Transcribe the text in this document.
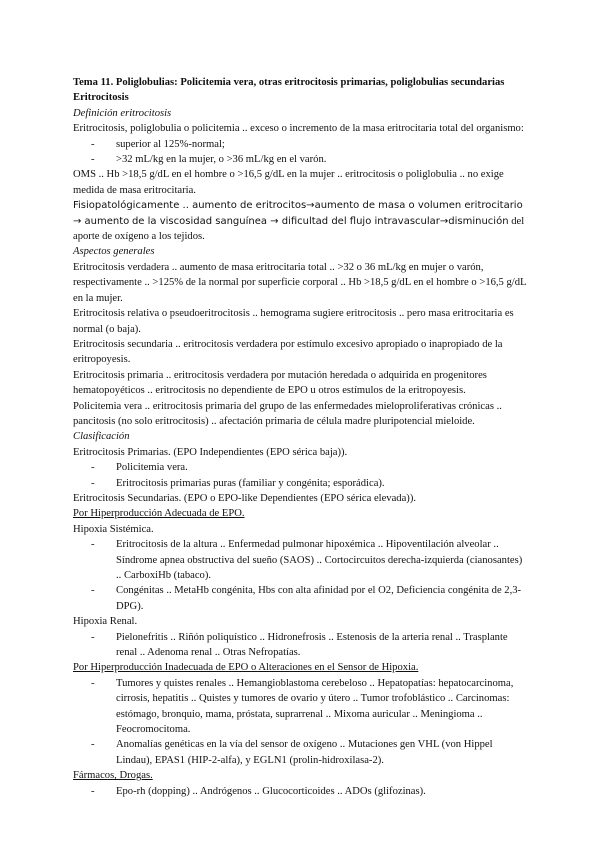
Tema 11. Poliglobulias: Policitemia vera, otras eritrocitosis primarias, poliglobulias secundarias

Eritrocitosis

Definición eritrocitosis

Eritrocitosis, poliglobulia o policitemia .. exceso o incremento de la masa eritrocitaria total del organismo:

- superior al 125%-normal;
- >32 mL/kg en la mujer, o >36 mL/kg en el varón.

OMS .. Hb >18,5 g/dL en el hombre o >16,5 g/dL en la mujer .. eritrocitosis o poliglobulia .. no exige medida de masa eritrocitaria.

Fisiopatológicamente .. aumento de eritrocitos→aumento de masa o volumen eritrocitario → aumento de la viscosidad sanguínea → dificultad del flujo intravascular→disminución del aporte de oxígeno a los tejidos.

Aspectos generales

Eritrocitosis verdadera .. aumento de masa eritrocitaria total .. >32 o 36 mL/kg en mujer o varón, respectivamente .. >125% de la normal por superficie corporal .. Hb >18,5 g/dL en el hombre o >16,5 g/dL en la mujer.

Eritrocitosis relativa o pseudoeritrocitosis .. hemograma sugiere eritrocitosis .. pero masa eritrocitaria es normal (o baja).

Eritrocitosis secundaria .. eritrocitosis verdadera por estímulo excesivo apropiado o inapropiado de la eritropoyesis.

Eritrocitosis primaria .. eritrocitosis verdadera por mutación heredada o adquirida en progenitores hematopoyéticos .. eritrocitosis no dependiente de EPO u otros estímulos de la eritropoyesis.

Policitemia vera .. eritrocitosis primaria del grupo de las enfermedades mieloproliferativas crónicas .. pancitosis (no solo eritrocitosis) .. afectación primaria de célula madre pluripotencial mieloide.

Clasificación

Eritrocitosis Primarias. (EPO Independientes (EPO sérica baja)).

- Policitemia vera.
- Eritrocitosis primarias puras (familiar y congénita; esporádica).

Eritrocitosis Secundarias. (EPO o EPO-like Dependientes (EPO sérica elevada)).

Por Hiperproducción Adecuada de EPO.

Hipoxia Sistémica.

- Eritrocitosis de la altura .. Enfermedad pulmonar hipoxémica .. Hipoventilación alveolar .. Síndrome apnea obstructiva del sueño (SAOS) .. Cortocircuitos derecha-izquierda (cianosantes) .. CarboxiHb (tabaco).
- Congénitas .. MetaHb congénita, Hbs con alta afinidad por el O2, Deficiencia congénita de 2,3-DPG).

Hipoxia Renal.

- Pielonefritis .. Riñón poliquístico .. Hidronefrosis .. Estenosis de la arteria renal .. Trasplante renal .. Adenoma renal .. Otras Nefropatías.

Por Hiperproducción Inadecuada de EPO o Alteraciones en el Sensor de Hipoxia.

- Tumores y quistes renales .. Hemangioblastoma cerebeloso .. Hepatopatías: hepatocarcinoma, cirrosis, hepatitis .. Quistes y tumores de ovario y útero .. Tumor trofoblástico .. Carcinomas: estómago, bronquio, mama, próstata, suprarrenal .. Mixoma auricular .. Meningioma .. Feocromocitoma.
- Anomalías genéticas en la vía del sensor de oxígeno .. Mutaciones gen VHL (von Hippel Lindau), EPAS1 (HIP-2-alfa), y EGLN1 (prolin-hidroxilasa-2).

Fármacos, Drogas.

- Epo-rh (dopping) .. Andrógenos .. Glucocorticoides .. ADOs (glifozinas).
